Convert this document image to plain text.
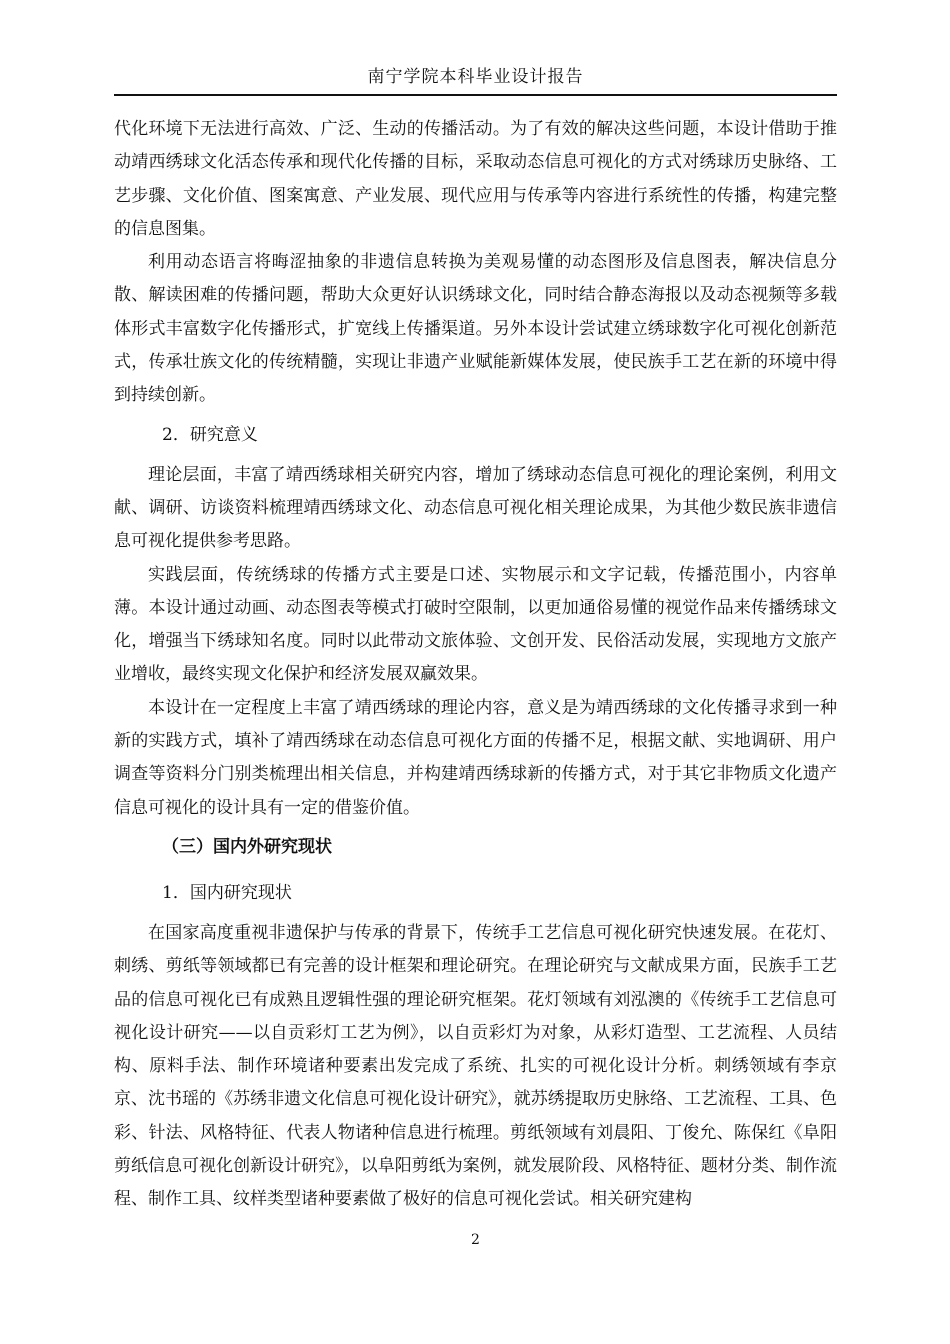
南宁学院本科毕业设计报告

代化环境下无法进行高效、广泛、生动的传播活动。为了有效的解决这些问题，本设计借助于推动靖西绣球文化活态传承和现代化传播的目标，采取动态信息可视化的方式对绣球历史脉络、工艺步骤、文化价值、图案寓意、产业发展、现代应用与传承等内容进行系统性的传播，构建完整的信息图集。

利用动态语言将晦涩抽象的非遗信息转换为美观易懂的动态图形及信息图表，解决信息分散、解读困难的传播问题，帮助大众更好认识绣球文化，同时结合静态海报以及动态视频等多载体形式丰富数字化传播形式，扩宽线上传播渠道。另外本设计尝试建立绣球数字化可视化创新范式，传承壮族文化的传统精髓，实现让非遗产业赋能新媒体发展，使民族手工艺在新的环境中得到持续创新。

2．研究意义

理论层面，丰富了靖西绣球相关研究内容，增加了绣球动态信息可视化的理论案例，利用文献、调研、访谈资料梳理靖西绣球文化、动态信息可视化相关理论成果，为其他少数民族非遗信息可视化提供参考思路。

实践层面，传统绣球的传播方式主要是口述、实物展示和文字记载，传播范围小，内容单薄。本设计通过动画、动态图表等模式打破时空限制，以更加通俗易懂的视觉作品来传播绣球文化，增强当下绣球知名度。同时以此带动文旅体验、文创开发、民俗活动发展，实现地方文旅产业增收，最终实现文化保护和经济发展双赢效果。

本设计在一定程度上丰富了靖西绣球的理论内容，意义是为靖西绣球的文化传播寻求到一种新的实践方式，填补了靖西绣球在动态信息可视化方面的传播不足，根据文献、实地调研、用户调查等资料分门别类梳理出相关信息，并构建靖西绣球新的传播方式，对于其它非物质文化遗产信息可视化的设计具有一定的借鉴价值。

（三）国内外研究现状

1．国内研究现状

在国家高度重视非遗保护与传承的背景下，传统手工艺信息可视化研究快速发展。在花灯、刺绣、剪纸等领域都已有完善的设计框架和理论研究。在理论研究与文献成果方面，民族手工艺品的信息可视化已有成熟且逻辑性强的理论研究框架。花灯领域有刘泓澳的《传统手工艺信息可视化设计研究——以自贡彩灯工艺为例》，以自贡彩灯为对象，从彩灯造型、工艺流程、人员结构、原料手法、制作环境诸种要素出发完成了系统、扎实的可视化设计分析。刺绣领域有李京京、沈书瑶的《苏绣非遗文化信息可视化设计研究》，就苏绣提取历史脉络、工艺流程、工具、色彩、针法、风格特征、代表人物诸种信息进行梳理。剪纸领域有刘晨阳、丁俊允、陈保红《阜阳剪纸信息可视化创新设计研究》，以阜阳剪纸为案例，就发展阶段、风格特征、题材分类、制作流程、制作工具、纹样类型诸种要素做了极好的信息可视化尝试。相关研究建构

2
